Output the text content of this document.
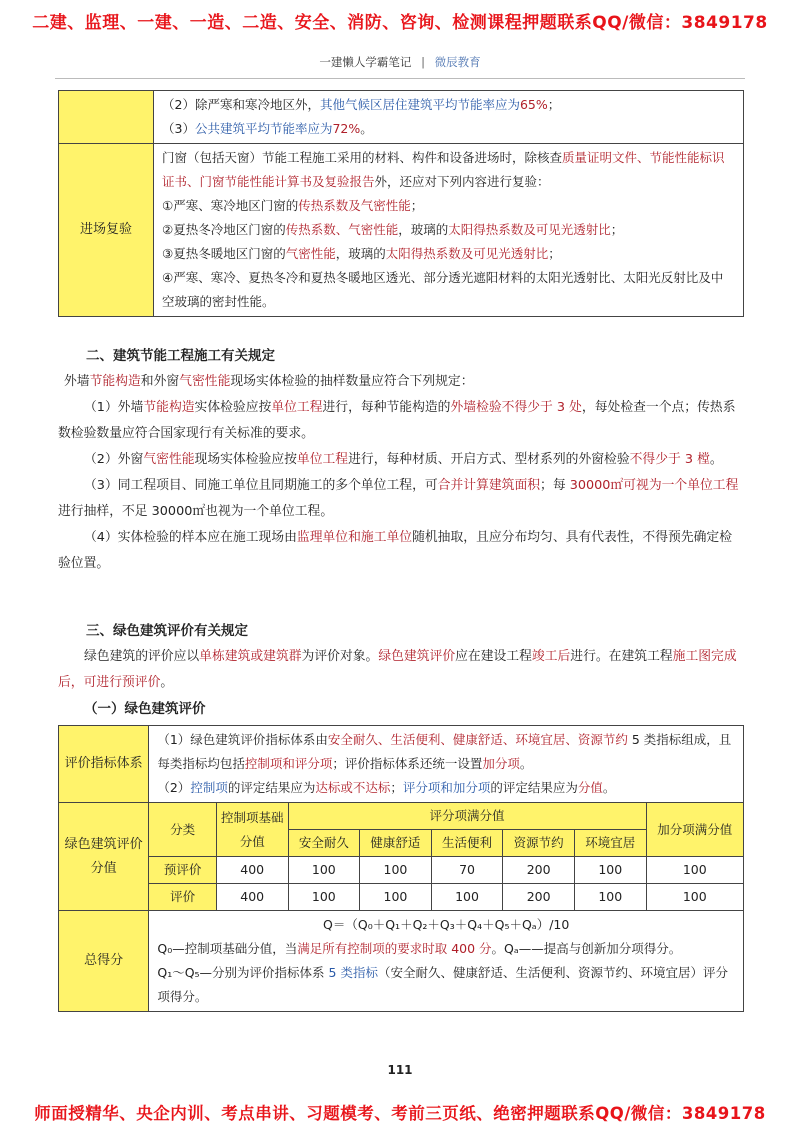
二建、监理、一建、一造、二造、安全、消防、咨询、检测课程押题联系QQ/微信：3849178
一建懒人学霸笔记 | 微辰教育

	（2）除严寒和寒冷地区外，其他气候区居住建筑平均节能率应为65%；
（3）公共建筑平均节能率应为72%。

进场复验	门窗（包括天窗）节能工程施工采用的材料、构件和设备进场时，除核查质量证明文件、节能性能标识证书、门窗节能性能计算书及复验报告外，还应对下列内容进行复验：
①严寒、寒冷地区门窗的传热系数及气密性能；
②夏热冬冷地区门窗的传热系数、气密性能，玻璃的太阳得热系数及可见光透射比；
③夏热冬暖地区门窗的气密性能，玻璃的太阳得热系数及可见光透射比；
④严寒、寒冷、夏热冬冷和夏热冬暖地区透光、部分透光遮阳材料的太阳光透射比、太阳光反射比及中空玻璃的密封性能。
二、建筑节能工程施工有关规定
外墙节能构造和外窗气密性能现场实体检验的抽样数量应符合下列规定：
（1）外墙节能构造实体检验应按单位工程进行，每种节能构造的外墙检验不得少于 3 处，每处检查一个点；传热系数检验数量应符合国家现行有关标准的要求。
（2）外窗气密性能现场实体检验应按单位工程进行，每种材质、开启方式、型材系列的外窗检验不得少于 3 樘。
（3）同工程项目、同施工单位且同期施工的多个单位工程，可合并计算建筑面积；每 30000㎡可视为一个单位工程进行抽样，不足 30000㎡也视为一个单位工程。
（4）实体检验的样本应在施工现场由监理单位和施工单位随机抽取，且应分布均匀、具有代表性，不得预先确定检验位置。
三、绿色建筑评价有关规定
绿色建筑的评价应以单栋建筑或建筑群为评价对象。绿色建筑评价应在建设工程竣工后进行。在建筑工程施工图完成后，可进行预评价。
（一）绿色建筑评价
评价指标体系	（1）绿色建筑评价指标体系由安全耐久、生活便利、健康舒适、环境宜居、资源节约 5 类指标组成，且每类指标均包括控制项和评分项；评价指标体系还统一设置加分项。
（2）控制项的评定结果应为达标或不达标；评分项和加分项的评定结果应为分值。							

绿色建筑评价分值	分类	控制项基础分值	评分项满分值					加分项满分值
			安全耐久	健康舒适	生活便利	资源节约	环境宜居	
	预评价	400	100	100	70	200	100	100
	评价	400	100	100	100	200	100	100
总得分	Q＝（Q₀＋Q₁＋Q₂＋Q₃＋Q₄＋Q₅＋Qₐ）/10
Q₀—控制项基础分值，当满足所有控制项的要求时取 400 分。Qₐ——提高与创新加分项得分。
Q₁～Q₅—分别为评价指标体系 5 类指标（安全耐久、健康舒适、生活便利、资源节约、环境宜居）评分项得分。							
111
师面授精华、央企内训、考点串讲、习题模考、考前三页纸、绝密押题联系QQ/微信：3849178
